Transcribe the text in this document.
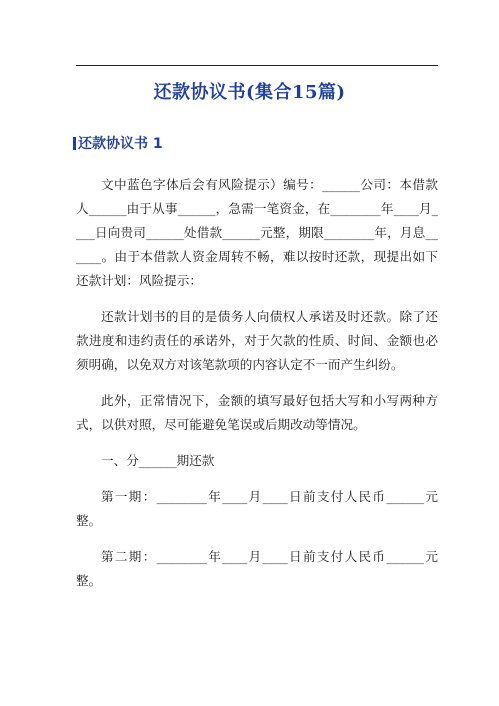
还款协议书(集合15篇)
还款协议书 1

文中蓝色字体后会有风险提示）编号：______公司：本借款人______由于从事______，急需一笔资金，在________年____月____日向贵司______处借款______元整，期限________年，月息______。由于本借款人资金周转不畅，难以按时还款，现提出如下还款计划：风险提示：

还款计划书的目的是债务人向债权人承诺及时还款。除了还款进度和违约责任的承诺外，对于欠款的性质、时间、金额也必须明确，以免双方对该笔款项的内容认定不一而产生纠纷。

此外，正常情况下，金额的填写最好包括大写和小写两种方式，以供对照，尽可能避免笔误或后期改动等情况。

一、分______期还款

第一期：________年____月____日前支付人民币______元整。

第二期：________年____月____日前支付人民币______元整。
